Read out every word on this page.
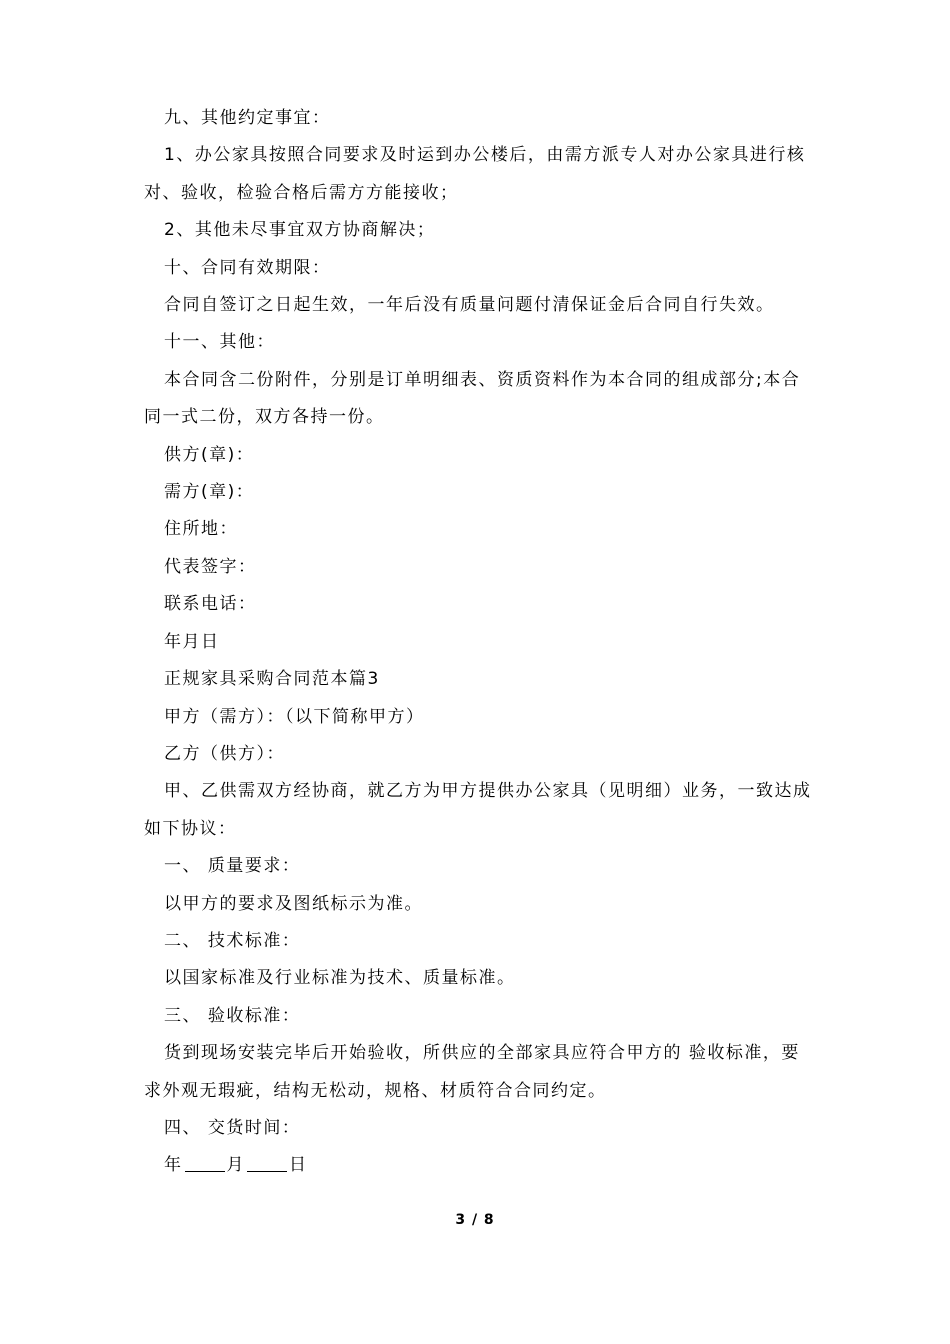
九、其他约定事宜：

1、办公家具按照合同要求及时运到办公楼后，由需方派专人对办公家具进行核对、验收，检验合格后需方方能接收；

2、其他未尽事宜双方协商解决；

十、合同有效期限：

合同自签订之日起生效，一年后没有质量问题付清保证金后合同自行失效。

十一、其他：

本合同含二份附件，分别是订单明细表、资质资料作为本合同的组成部分;本合同一式二份，双方各持一份。

供方(章)：

需方(章)：

住所地：

代表签字：

联系电话：

年月日

正规家具采购合同范本篇3

甲方（需方）：（以下简称甲方）

乙方（供方）：

甲、乙供需双方经协商，就乙方为甲方提供办公家具（见明细）业务，一致达成 如下协议：

一、 质量要求：

以甲方的要求及图纸标示为准。

二、 技术标准：

以国家标准及行业标准为技术、质量标准。

三、 验收标准：

货到现场安装完毕后开始验收，所供应的全部家具应符合甲方的 验收标准，要求外观无瑕疵，结构无松动，规格、材质符合合同约定。

四、 交货时间：

年	月	日

3 / 8
